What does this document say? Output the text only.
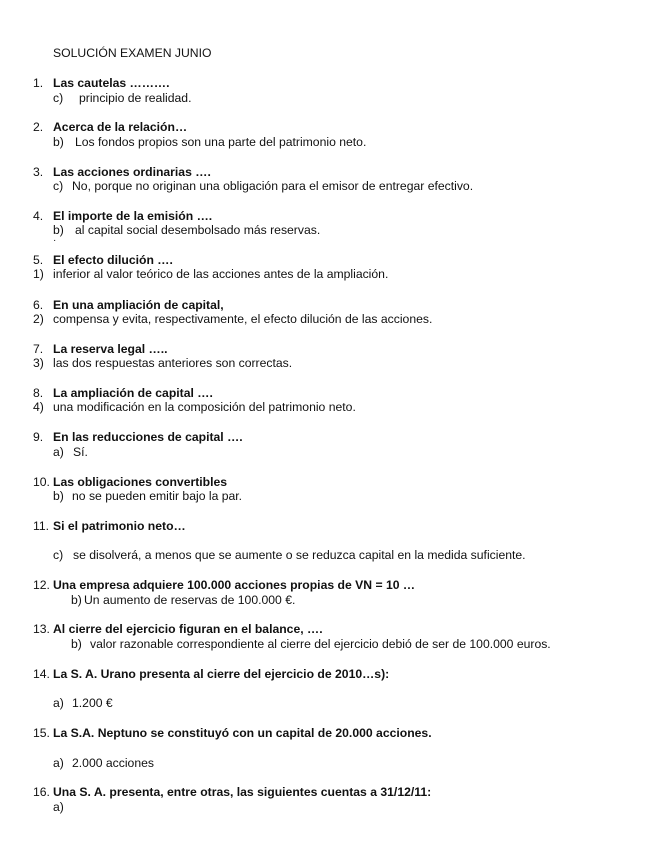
SOLUCIÓN EXAMEN JUNIO
1. Las cautelas ……….
c) principio de realidad.
2. Acerca de la relación…
b) Los fondos propios son una parte del patrimonio neto.
3. Las acciones ordinarias ….
c) No, porque no originan una obligación para el emisor de entregar efectivo.
4. El importe de la emisión ….
b) al capital social desembolsado más reservas.
·
5. El efecto dilución ….
1) inferior al valor teórico de las acciones antes de la ampliación.
6. En una ampliación de capital,
2) compensa y evita, respectivamente, el efecto dilución de las acciones.
7. La reserva legal …..
3) las dos respuestas anteriores son correctas.
8. La ampliación de capital ….
4) una modificación en la composición del patrimonio neto.
9. En las reducciones de capital ….
a) Sí.
10. Las obligaciones convertibles
b) no se pueden emitir bajo la par.
11. Si el patrimonio neto…
c) se disolverá, a menos que se aumente o se reduzca capital en la medida suficiente.
12. Una empresa adquiere 100.000 acciones propias de VN = 10 …
b) Un aumento de reservas de 100.000 €.
13. Al cierre del ejercicio figuran en el balance, ….
b) valor razonable correspondiente al cierre del ejercicio debió de ser de 100.000 euros.
14. La S. A. Urano presenta al cierre del ejercicio de 2010…s):
a) 1.200 €
15. La S.A. Neptuno se constituyó con un capital de 20.000 acciones.
a) 2.000 acciones
16. Una S. A. presenta, entre otras, las siguientes cuentas a 31/12/11:
a)
